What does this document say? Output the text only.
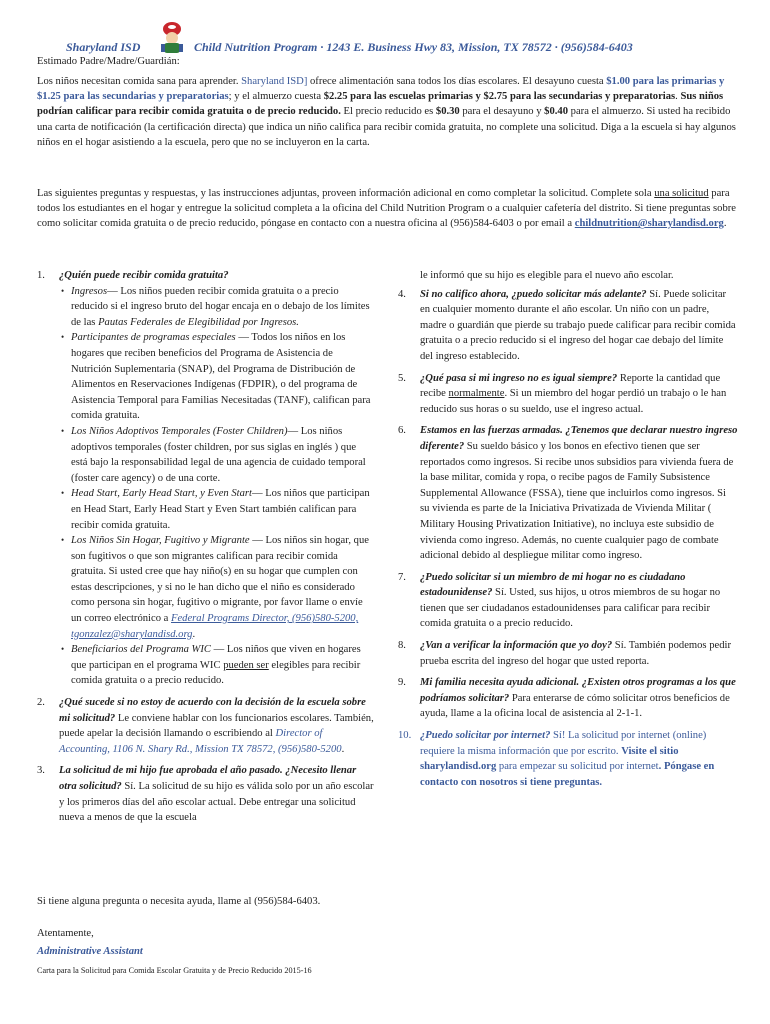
Sharyland ISD	Child Nutrition Program · 1243 E. Business Hwy 83, Mission, TX 78572 · (956)584-6403
Estimado Padre/Madre/Guardián:
Los niños necesitan comida sana para aprender. Sharyland ISD] ofrece alimentación sana todos los días escolares. El desayuno cuesta $1.00 para las primarias y $1.25 para las secundarias y preparatorias; y el almuerzo cuesta $2.25 para las escuelas primarias y $2.75 para las secundarias y preparatorias. Sus niños podrían calificar para recibir comida gratuita o de precio reducido. El precio reducido es $0.30 para el desayuno y $0.40 para el almuerzo. Si usted ha recibido una carta de notificación (la certificación directa) que indica un niño califica para recibir comida gratuita, no complete una solicitud. Diga a la escuela si hay algunos niños en el hogar asistiendo a la escuela, pero que no se incluyeron en la carta.
Las siguientes preguntas y respuestas, y las instrucciones adjuntas, proveen información adicional en como completar la solicitud. Complete sola una solicitud para todos los estudiantes en el hogar y entregue la solicitud completa a la oficina del Child Nutrition Program o a cualquier cafetería del distrito. Si tiene preguntas sobre como solicitar comida gratuita o de precio reducido, póngase en contacto con a nuestra oficina al (956)584-6403 o por email a childnutrition@sharylandisd.org.
1. ¿Quién puede recibir comida gratuita?
• Ingresos— Los niños pueden recibir comida gratuita o a precio reducido si el ingreso bruto del hogar encaja en o debajo de los límites de las Pautas Federales de Elegibilidad por Ingresos.
• Participantes de programas especiales — Todos los niños en los hogares que reciben beneficios del Programa de Asistencia de Nutrición Suplementaria (SNAP), del Programa de Distribución de Alimentos en Reservaciones Indígenas (FDPIR), o del programa de Asistencia Temporal para Familias Necesitadas (TANF), califican para comida gratuita.
• Los Niños Adoptivos Temporales (Foster Children)— Los niños adoptivos temporales (foster children, por sus siglas en inglés ) que está bajo la responsabilidad legal de una agencia de cuidado temporal (foster care agency) o de una corte.
• Head Start, Early Head Start, y Even Start— Los niños que participan en Head Start, Early Head Start y Even Start también califican para recibir comida gratuita.
• Los Niños Sin Hogar, Fugitivo y Migrante — Los niños sin hogar, que son fugitivos o que son migrantes califican para recibir comida gratuita. Si usted cree que hay niño(s) en su hogar que cumplen con estas descripciones, y si no le han dicho que el niño es considerado como persona sin hogar, fugitivo o migrante, por favor llame o envíe un correo electrónico a Federal Programs Director, (956)580-5200, tgonzalez@sharylandisd.org.
• Beneficiarios del Programa WIC — Los niños que viven en hogares que participan en el programa WIC pueden ser elegibles para recibir comida gratuita o a precio reducido.
2. ¿Qué sucede si no estoy de acuerdo con la decisión de la escuela sobre mi solicitud? Le conviene hablar con los funcionarios escolares. También, puede apelar la decisión llamando o escribiendo al Director of Accounting, 1106 N. Shary Rd., Mission TX 78572, (956)580-5200.
3. La solicitud de mi hijo fue aprobada el año pasado. ¿Necesito llenar otra solicitud? Sí. La solicitud de su hijo es válida solo por un año escolar y los primeros días del año escolar actual. Debe entregar una solicitud nueva a menos de que la escuela
le informó que su hijo es elegible para el nuevo año escolar.
4. Si no califico ahora, ¿puedo solicitar más adelante? Sí. Puede solicitar en cualquier momento durante el año escolar. Un niño con un padre, madre o guardián que pierde su trabajo puede calificar para recibir comida gratuita o a precio reducido si el ingreso del hogar cae debajo del límite del ingreso establecido.
5. ¿Qué pasa si mi ingreso no es igual siempre? Reporte la cantidad que recibe normalmente. Si un miembro del hogar perdió un trabajo o le han reducido sus horas o su sueldo, use el ingreso actual.
6. Estamos en las fuerzas armadas. ¿Tenemos que declarar nuestro ingreso diferente? Su sueldo básico y los bonos en efectivo tienen que ser reportados como ingresos. Si recibe unos subsidios para vivienda fuera de la base militar, comida y ropa, o recibe pagos de Family Subsistence Supplemental Allowance (FSSA), tiene que incluirlos como ingresos. Si su vivienda es parte de la Iniciativa Privatizada de Vivienda Militar ( Military Housing Privatization Initiative), no incluya este subsidio de vivienda como ingreso. Además, no cuente cualquier pago de combate adicional debido al despliegue militar como ingreso.
7. ¿Puedo solicitar si un miembro de mi hogar no es ciudadano estadounidense? Sí. Usted, sus hijos, u otros miembros de su hogar no tienen que ser ciudadanos estadounidenses para calificar para recibir comida gratuita o a precio reducido.
8. ¿Van a verificar la información que yo doy? Sí. También podemos pedir prueba escrita del ingreso del hogar que usted reporta.
9. Mi familia necesita ayuda adicional. ¿Existen otros programas a los que podríamos solicitar? Para enterarse de cómo solicitar otros beneficios de ayuda, llame a la oficina local de asistencia al 2-1-1.
10. ¿Puedo solicitar por internet? Sí! La solicitud por internet (online) requiere la misma información que por escrito. Visite el sitio sharylandisd.org para empezar su solicitud por internet. Póngase en contacto con nosotros si tiene preguntas.
Si tiene alguna pregunta o necesita ayuda, llame al (956)584-6403.
Atentamente,
Administrative Assistant
Carta para la Solicitud para Comida Escolar Gratuita y de Precio Reducido 2015-16
